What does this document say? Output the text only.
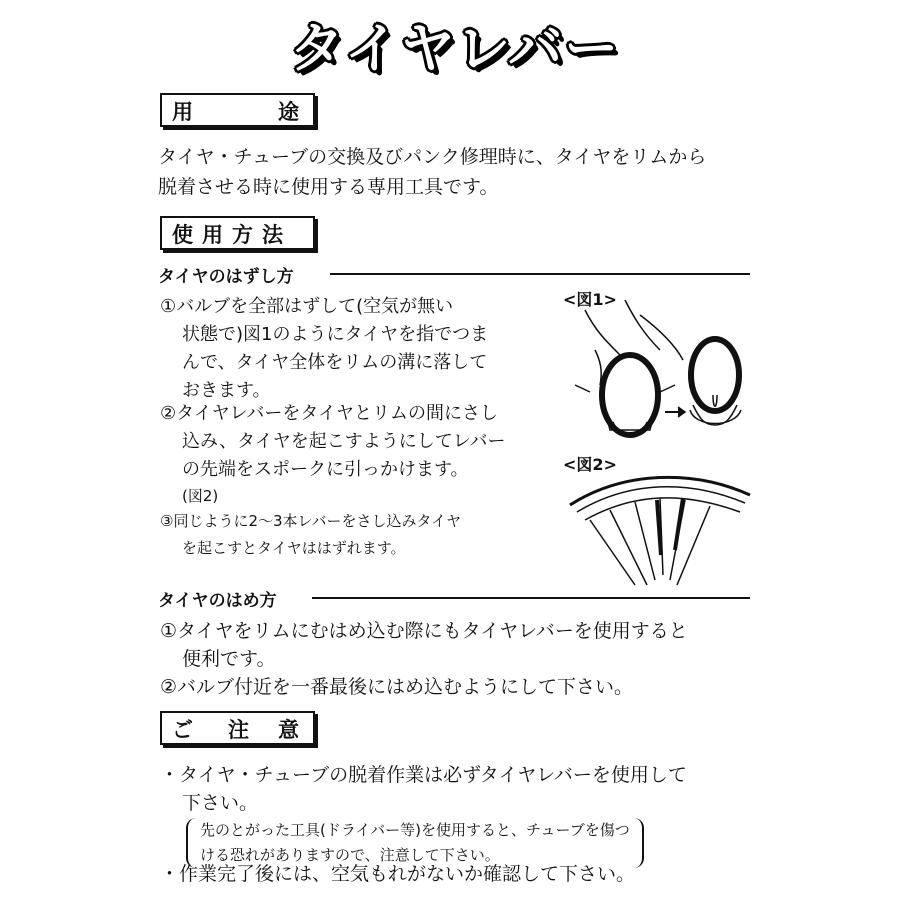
タイヤレバー
用	途
タイヤ・チューブの交換及びパンク修理時に、タイヤをリムから
脱着させる時に使用する専用工具です。
使用方法
タイヤのはずし方
①バルブを全部はずして(空気が無い
状態で)図1のようにタイヤを指でつま
んで、タイヤ全体をリムの溝に落して
おきます。
②タイヤレバーをタイヤとリムの間にさし
込み、タイヤを起こすようにしてレバー
の先端をスポークに引っかけます。
(図2)
③同じように2〜3本レバーをさし込みタイヤ
を起こすとタイヤははずれます。
<図1>
<図2>
タイヤのはめ方
①タイヤをリムにむはめ込む際にもタイヤレバーを使用すると
便利です。
②バルブ付近を一番最後にはめ込むようにして下さい。
ご 注 意
・タイヤ・チューブの脱着作業は必ずタイヤレバーを使用して
下さい。
先のとがった工具(ドライバー等)を使用すると、チューブを傷つ
ける恐れがありますので、注意して下さい。
・作業完了後には、空気もれがないか確認して下さい。
